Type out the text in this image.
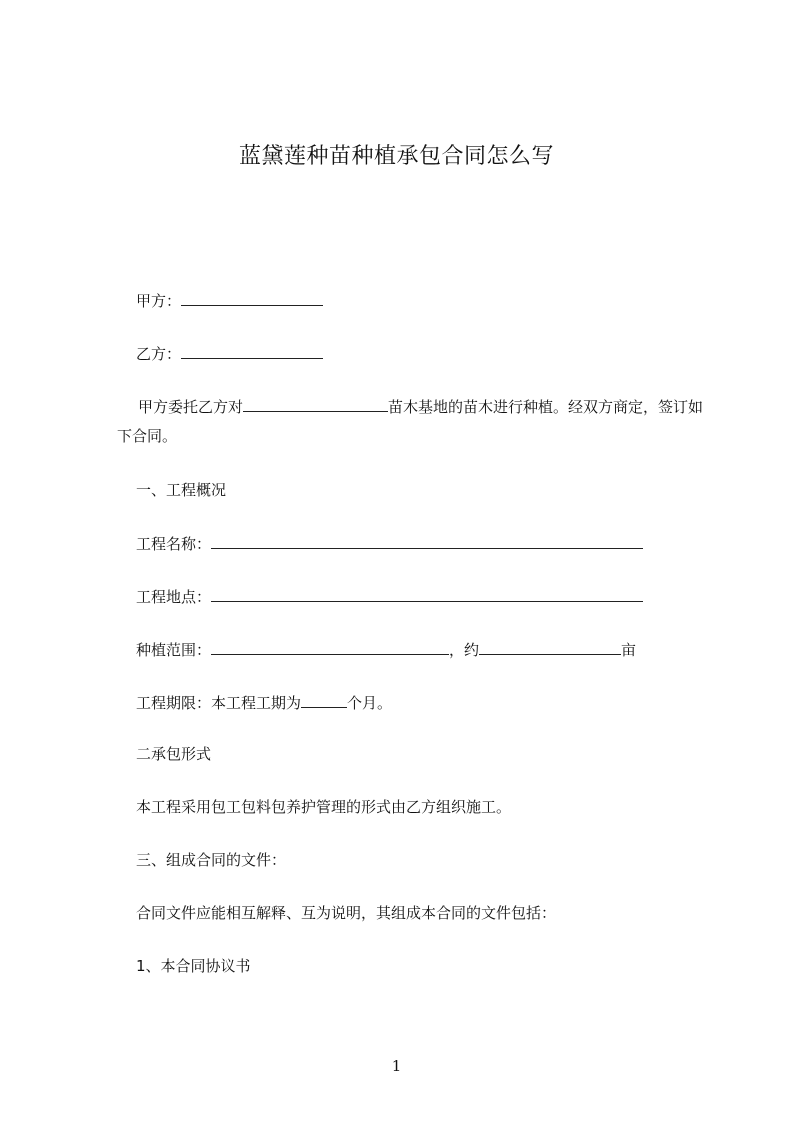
蓝黛莲种苗种植承包合同怎么写
甲方：
乙方：
甲方委托乙方对	苗木基地的苗木进行种植。经双方商定，签订如下合同。
一、工程概况
工程名称：
工程地点：
种植范围：	，约	亩
工程期限：本工程工期为	个月。
二承包形式
本工程采用包工包料包养护管理的形式由乙方组织施工。
三、组成合同的文件：
合同文件应能相互解释、互为说明，其组成本合同的文件包括：
1、本合同协议书
1
